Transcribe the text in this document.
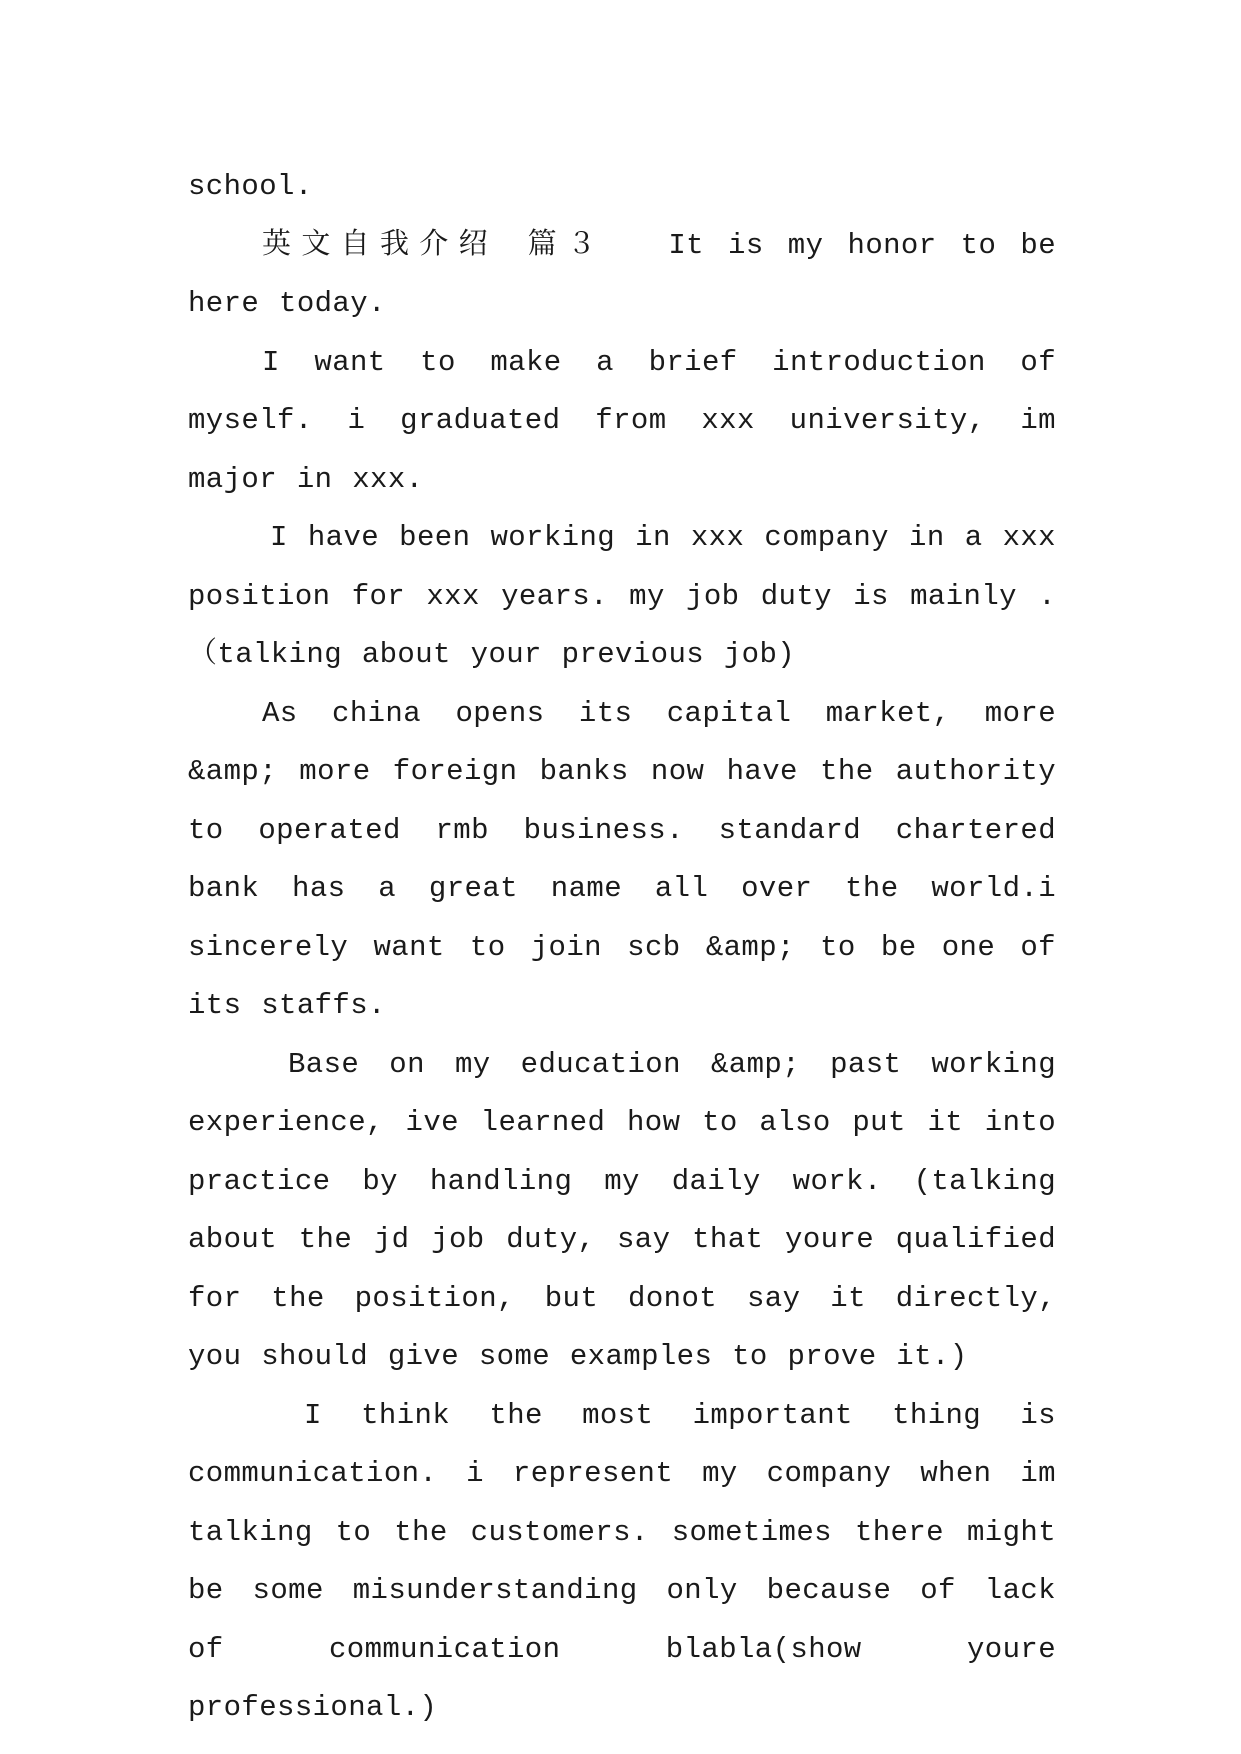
school.

英文自我介绍 篇３ It is my honor to be here today.

I want to make a brief introduction of myself. i graduated from xxx university, im major in xxx.

I have been working in xxx company in a xxx position for xxx years. my job duty is mainly . （talking about your previous job)

As china opens its capital market, more &amp; more foreign banks now have the authority to operated rmb business. standard chartered bank has a great name all over the world.i sincerely want to join scb &amp; to be one of its staffs.

Base on my education &amp; past working experience, ive learned how to also put it into practice by handling my daily work. (talking about the jd job duty, say that youre qualified for the position, but donot say it directly, you should give some examples to prove it.)

I think the most important thing is communication. i represent my company when im talking to the customers. sometimes there might be some misunderstanding only because of lack of communication blabla(show youre professional.)
